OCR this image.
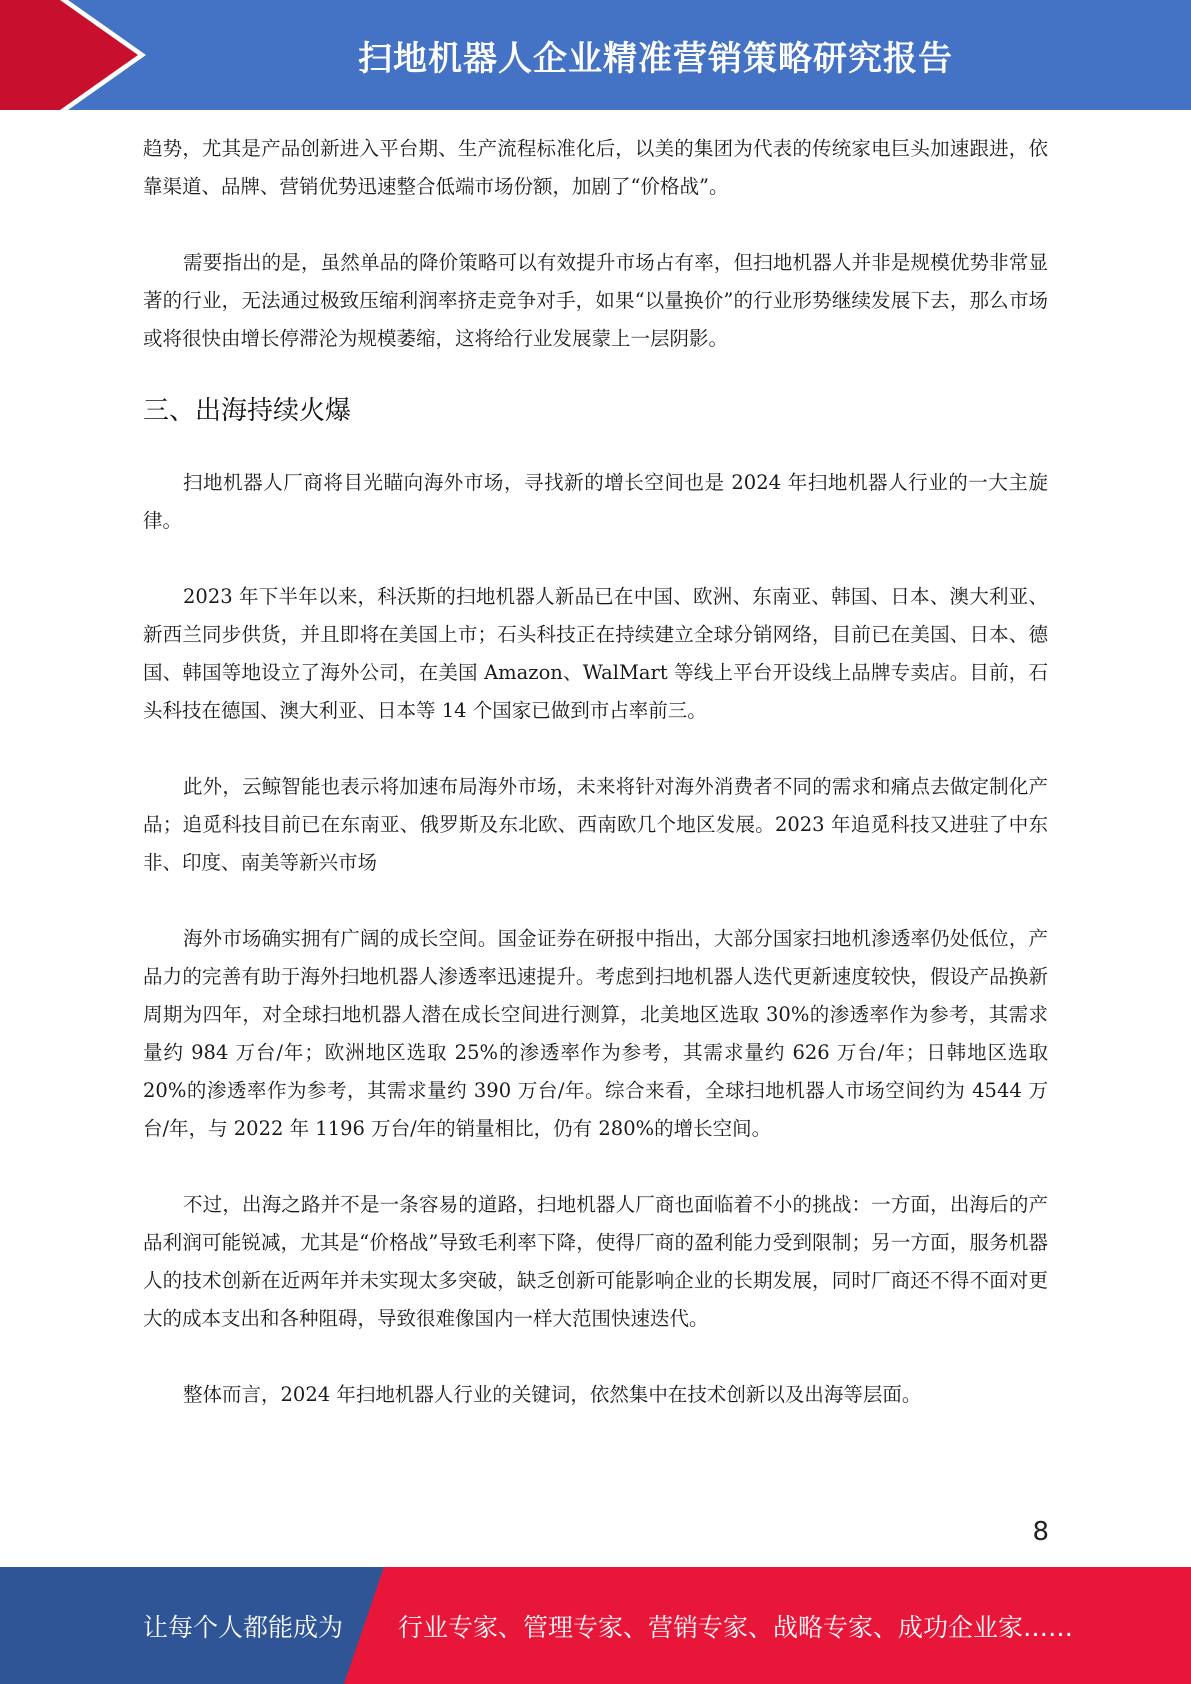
扫地机器人企业精准营销策略研究报告

趋势，尤其是产品创新进入平台期、生产流程标准化后，以美的集团为代表的传统家电巨头加速跟进，依靠渠道、品牌、营销优势迅速整合低端市场份额，加剧了“价格战”。

需要指出的是，虽然单品的降价策略可以有效提升市场占有率，但扫地机器人并非是规模优势非常显著的行业，无法通过极致压缩利润率挤走竞争对手，如果“以量换价”的行业形势继续发展下去，那么市场或将很快由增长停滞沦为规模萎缩，这将给行业发展蒙上一层阴影。

三、出海持续火爆

扫地机器人厂商将目光瞄向海外市场，寻找新的增长空间也是 2024 年扫地机器人行业的一大主旋律。

2023 年下半年以来，科沃斯的扫地机器人新品已在中国、欧洲、东南亚、韩国、日本、澳大利亚、新西兰同步供货，并且即将在美国上市；石头科技正在持续建立全球分销网络，目前已在美国、日本、德国、韩国等地设立了海外公司，在美国 Amazon、WalMart 等线上平台开设线上品牌专卖店。目前，石头科技在德国、澳大利亚、日本等 14 个国家已做到市占率前三。

此外，云鲸智能也表示将加速布局海外市场，未来将针对海外消费者不同的需求和痛点去做定制化产品；追觅科技目前已在东南亚、俄罗斯及东北欧、西南欧几个地区发展。2023 年追觅科技又进驻了中东非、印度、南美等新兴市场

海外市场确实拥有广阔的成长空间。国金证券在研报中指出，大部分国家扫地机渗透率仍处低位，产品力的完善有助于海外扫地机器人渗透率迅速提升。考虑到扫地机器人迭代更新速度较快，假设产品换新周期为四年，对全球扫地机器人潜在成长空间进行测算，北美地区选取 30%的渗透率作为参考，其需求量约 984 万台/年；欧洲地区选取 25%的渗透率作为参考，其需求量约 626 万台/年；日韩地区选取 20%的渗透率作为参考，其需求量约 390 万台/年。综合来看，全球扫地机器人市场空间约为 4544 万台/年，与 2022 年 1196 万台/年的销量相比，仍有 280%的增长空间。

不过，出海之路并不是一条容易的道路，扫地机器人厂商也面临着不小的挑战：一方面，出海后的产品利润可能锐减，尤其是“价格战”导致毛利率下降，使得厂商的盈利能力受到限制；另一方面，服务机器人的技术创新在近两年并未实现太多突破，缺乏创新可能影响企业的长期发展，同时厂商还不得不面对更大的成本支出和各种阻碍，导致很难像国内一样大范围快速迭代。

整体而言，2024 年扫地机器人行业的关键词，依然集中在技术创新以及出海等层面。

8
让每个人都能成为 行业专家、管理专家、营销专家、战略专家、成功企业家……
